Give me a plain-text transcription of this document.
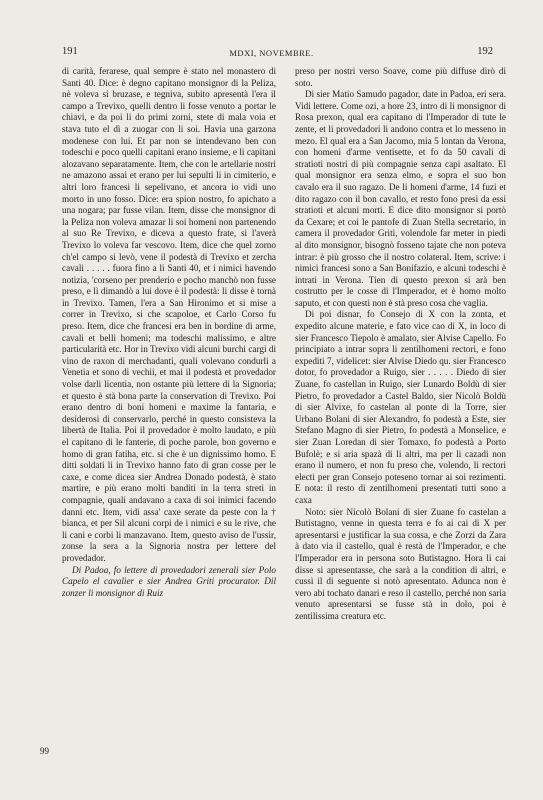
191	MDXI, NOVEMBRE.	192

di carità, ferarese, qual sempre è stato nel monastero di Santi 40. Dice: è degno capitano monsignor di la Peliza, nè voleva si bruzase, e tegniva, subito apresentà l'era il campo a Trevixo, quelli dentro li fosse venuto a portar le chiavi, e da poi li do primi zorni, stete di mala voia et stava tuto el dì a zuogar con li soi. Havia una garzona modenese con lui. Et par non se intendevano ben con todeschi e poco quelli capitani erano insieme, e li capitani alozavano separatamente. Item, che con le artellarie nostri ne amazono assai et erano per lui sepulti li in cimiterio, e altri loro francesi li sepelivano, et ancora io vidi uno morto in uno fosso. Dice: era spion nostro, fo apichato a una nogara; par fusse vilan. Item, disse che monsignor di la Peliza non voleva amazar li soi homeni non partenendo al suo Re Trevixo, e diceva a questo frate, si l'averà Trevixo lo voleva far vescovo. Item, dice che quel zorno ch'el campo si levò, vene il podestà di Trevixo et zercha cavali . . . . . fuora fino a li Santi 40, et i nimici havendo notizia, 'corseno per prenderio e pocho manchò non fusse preso, e lì dimandò a lui dove è il podestà: li disse è tornà in Trevixo. Tamen, l'era a San Hironimo et si mise a correr in Trevixo, si che scapoloe, et Carlo Corso fu preso. Item, dice che francesi era ben in bordine di arme, cavali et belli homeni; ma todeschi malissimo, e altre particularità etc. Hor in Trevixo vidi alcuni burchi cargi di vino de raxon di merchadanti, quali volevano condurli a Venetia et sono di vechii, et mai il podestà et provedador volse darli licentia, non ostante più lettere di la Signoria; et questo è stà bona parte la conservation di Trevixo. Poi erano dentro di boni homeni e maxime la fantaria, e desiderosi di conservarlo, perché in questo consisteva la libertà de Italia. Poi il provedador è molto laudato, e più el capitano di le fanterie, di poche parole, bon governo e homo di gran fatiha, etc. si che è un dignissimo homo. E ditti soldati li in Trevixo hanno fato di gran cosse per le caxe, e come dicea sier Andrea Donado podestà, è stato martire, e più erano molti banditi in la terra streti in compagnie, quali andavano a caxa di soi inimici facendo danni etc. Item, vidi assa' caxe serate da peste con la † bianca, et per Sil alcuni corpi de i nimici e su le rive, che li cani e corbi li manzavano. Item, questo aviso de l'ussir, zonse la sera a la Signoria nostra per lettere del provedador.

Di Padoa, fo lettere di provedadori zenerali sier Polo Capelo el cavalier e sier Andrea Griti procurator. Dil zonzer li monsignor di Ruiz

99

preso per nostri verso Soave, come più diffuse dirò di soto.

Di sier Matio Samudo pagador, date in Padoa, eri sera. Vidi lettere. Come ozi, a hore 23, intro di li monsignor di Rosa prexon, qual era capitano di l'Imperador di tute le zente, et li provedadori li andono contra et lo messeno in mezo. El qual era a San Jacomo, mia 5 lontan da Verona, con homeni d'arme ventisette, et fo da 50 cavali di stratioti nostri di più compagnie senza capi asaltato. El qual monsignor era senza elmo, e sopra el suo bon cavalo era il suo ragazo. De li homeni d'arme, 14 fuzi et dito ragazo con il bon cavallo, et resto fono presi da essi stratioti et alcuni morti. E dice dito monsignor si portò da Cexare; et coi le pantofe di Zuan Stella secretario, in camera il provedador Griti, volendole far meter in piedi al dito monsignor, bisognò fosseno tajate che non poteva intrar: è più grosso che il nostro colateral. Item, scrive: i nimici francesi sono a San Bonifazio, e alcuni todeschi è intrati in Verona. Tien di questo prexon si arà ben costrutto per le cosse di l'Imperador, et è homo molto saputo, et con questi non è stà preso cosa che vaglia.

Di poi disnar, fo Consejo di X con la zonta, et expedito alcune materie, e fato vice cao di X, in loco di sier Francesco Tiepolo è amalato, sier Alvise Capello. Fo principiato a intrar sopra li zentilhomeni rectori, e fono expediti 7, videlicet: sier Alvise Diedo qu. sier Francesco dotor, fo provedador a Ruigo, sier . . . . . Diedo di sier Zuane, fo castellan in Ruigo, sier Lunardo Boldù di sier Pietro, fo provedador a Castel Baldo, sier Nicolò Boldù di sier Alvixe, fo castelan al ponte di la Torre, sier Urbano Bolani di sier Alexandro, fo podestà a Este, sier Stefano Magno di sier Pietro, fo podestà a Monselice, e sier Zuan Loredan di sier Tomaxo, fo podestà a Porto Bufolè; e si aria spazà di li altri, ma per li cazadi non erano il numero, et non fu preso che, volendo, li rectori electi per gran Consejo poteseno tornar ai soi rezimenti. E nota: il resto di zentilhomeni presentati tutti sono a caxa

Noto: sier Nicolò Bolani di sier Zuane fo castelan a Butistagno, venne in questa terra e fo ai cai di X per apresentarsi e justificar la sua cossa, e che Zorzi da Zara à dato via il castello, qual è restà de l'Imperador, e che l'Imperador era in persona soto Butistagno. Hora li cai disse si apresentasse, che sarà a la condition di altri, e cussì il di seguente si notò apresentato. Adunca non è vero abi tochato danari e reso il castello, perché non sarìa venuto apresentarsi se fusse stà in dolo, poi è zentilissima creatura etc.
